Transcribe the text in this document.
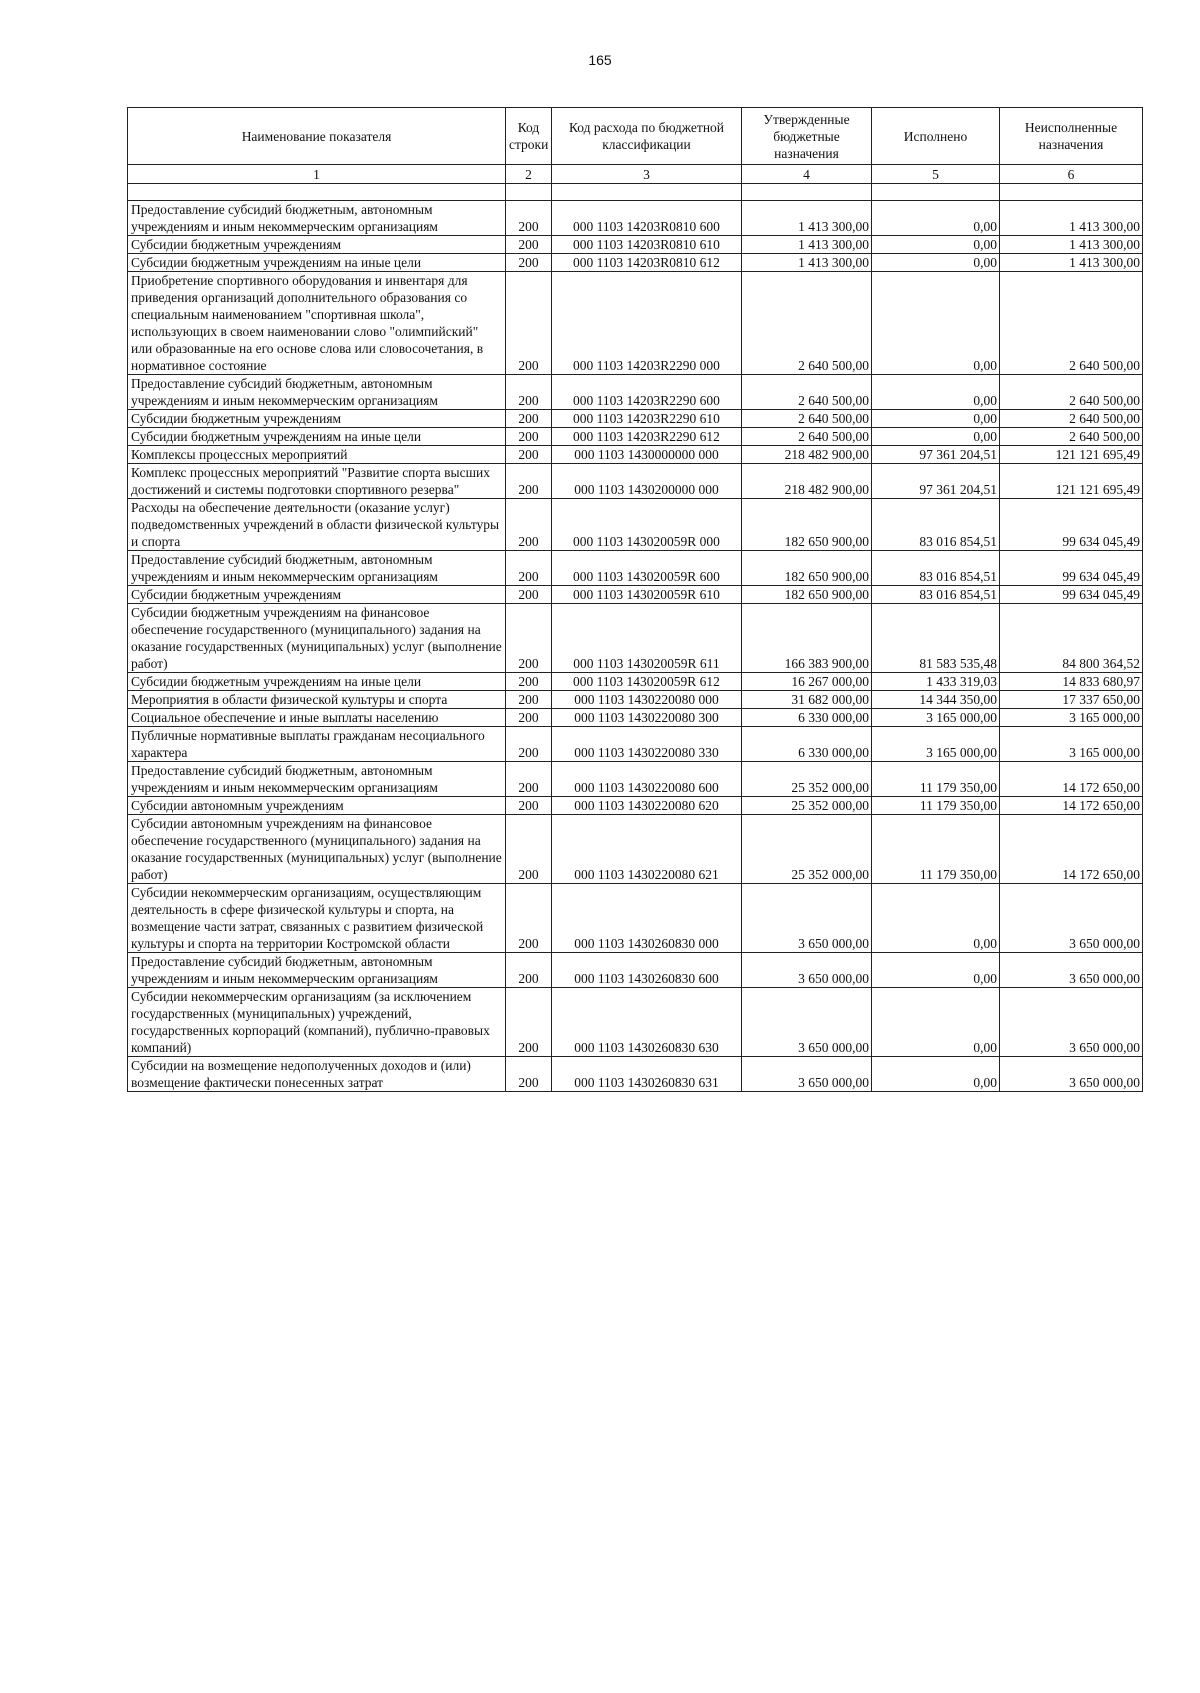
165
Наименование показателя	Код строки	Код расхода по бюджетной классификации	Утвержденные бюджетные назначения	Исполнено	Неисполненные назначения
1	2	3	4	5	6

Предоставление субсидий бюджетным, автономным учреждениям и иным некоммерческим организациям	200	000 1103 14203R0810 600	1 413 300,00	0,00	1 413 300,00
Субсидии бюджетным учреждениям	200	000 1103 14203R0810 610	1 413 300,00	0,00	1 413 300,00
Субсидии бюджетным учреждениям на иные цели	200	000 1103 14203R0810 612	1 413 300,00	0,00	1 413 300,00
Приобретение спортивного оборудования и инвентаря для приведения организаций дополнительного образования со специальным наименованием "спортивная школа", использующих в своем наименовании слово "олимпийский" или образованные на его основе слова или словосочетания, в нормативное состояние	200	000 1103 14203R2290 000	2 640 500,00	0,00	2 640 500,00
Предоставление субсидий бюджетным, автономным учреждениям и иным некоммерческим организациям	200	000 1103 14203R2290 600	2 640 500,00	0,00	2 640 500,00
Субсидии бюджетным учреждениям	200	000 1103 14203R2290 610	2 640 500,00	0,00	2 640 500,00
Субсидии бюджетным учреждениям на иные цели	200	000 1103 14203R2290 612	2 640 500,00	0,00	2 640 500,00
Комплексы процессных мероприятий	200	000 1103 1430000000 000	218 482 900,00	97 361 204,51	121 121 695,49
Комплекс процессных мероприятий "Развитие спорта высших достижений и системы подготовки спортивного резерва"	200	000 1103 1430200000 000	218 482 900,00	97 361 204,51	121 121 695,49
Расходы на обеспечение деятельности (оказание услуг) подведомственных учреждений в области физической культуры и спорта	200	000 1103 143020059R 000	182 650 900,00	83 016 854,51	99 634 045,49
Предоставление субсидий бюджетным, автономным учреждениям и иным некоммерческим организациям	200	000 1103 143020059R 600	182 650 900,00	83 016 854,51	99 634 045,49
Субсидии бюджетным учреждениям	200	000 1103 143020059R 610	182 650 900,00	83 016 854,51	99 634 045,49
Субсидии бюджетным учреждениям на финансовое обеспечение государственного (муниципального) задания на оказание государственных (муниципальных) услуг (выполнение работ)	200	000 1103 143020059R 611	166 383 900,00	81 583 535,48	84 800 364,52
Субсидии бюджетным учреждениям на иные цели	200	000 1103 143020059R 612	16 267 000,00	1 433 319,03	14 833 680,97
Мероприятия в области физической культуры и спорта	200	000 1103 1430220080 000	31 682 000,00	14 344 350,00	17 337 650,00
Социальное обеспечение и иные выплаты населению	200	000 1103 1430220080 300	6 330 000,00	3 165 000,00	3 165 000,00
Публичные нормативные выплаты гражданам несоциального характера	200	000 1103 1430220080 330	6 330 000,00	3 165 000,00	3 165 000,00
Предоставление субсидий бюджетным, автономным учреждениям и иным некоммерческим организациям	200	000 1103 1430220080 600	25 352 000,00	11 179 350,00	14 172 650,00
Субсидии автономным учреждениям	200	000 1103 1430220080 620	25 352 000,00	11 179 350,00	14 172 650,00
Субсидии автономным учреждениям на финансовое обеспечение государственного (муниципального) задания на оказание государственных (муниципальных) услуг (выполнение работ)	200	000 1103 1430220080 621	25 352 000,00	11 179 350,00	14 172 650,00
Субсидии некоммерческим организациям, осуществляющим деятельность в сфере физической культуры и спорта, на возмещение части затрат, связанных с развитием физической культуры и спорта на территории Костромской области	200	000 1103 1430260830 000	3 650 000,00	0,00	3 650 000,00
Предоставление субсидий бюджетным, автономным учреждениям и иным некоммерческим организациям	200	000 1103 1430260830 600	3 650 000,00	0,00	3 650 000,00
Субсидии некоммерческим организациям (за исключением государственных (муниципальных) учреждений, государственных корпораций (компаний), публично-правовых компаний)	200	000 1103 1430260830 630	3 650 000,00	0,00	3 650 000,00
Субсидии на возмещение недополученных доходов и (или) возмещение фактически понесенных затрат	200	000 1103 1430260830 631	3 650 000,00	0,00	3 650 000,00
